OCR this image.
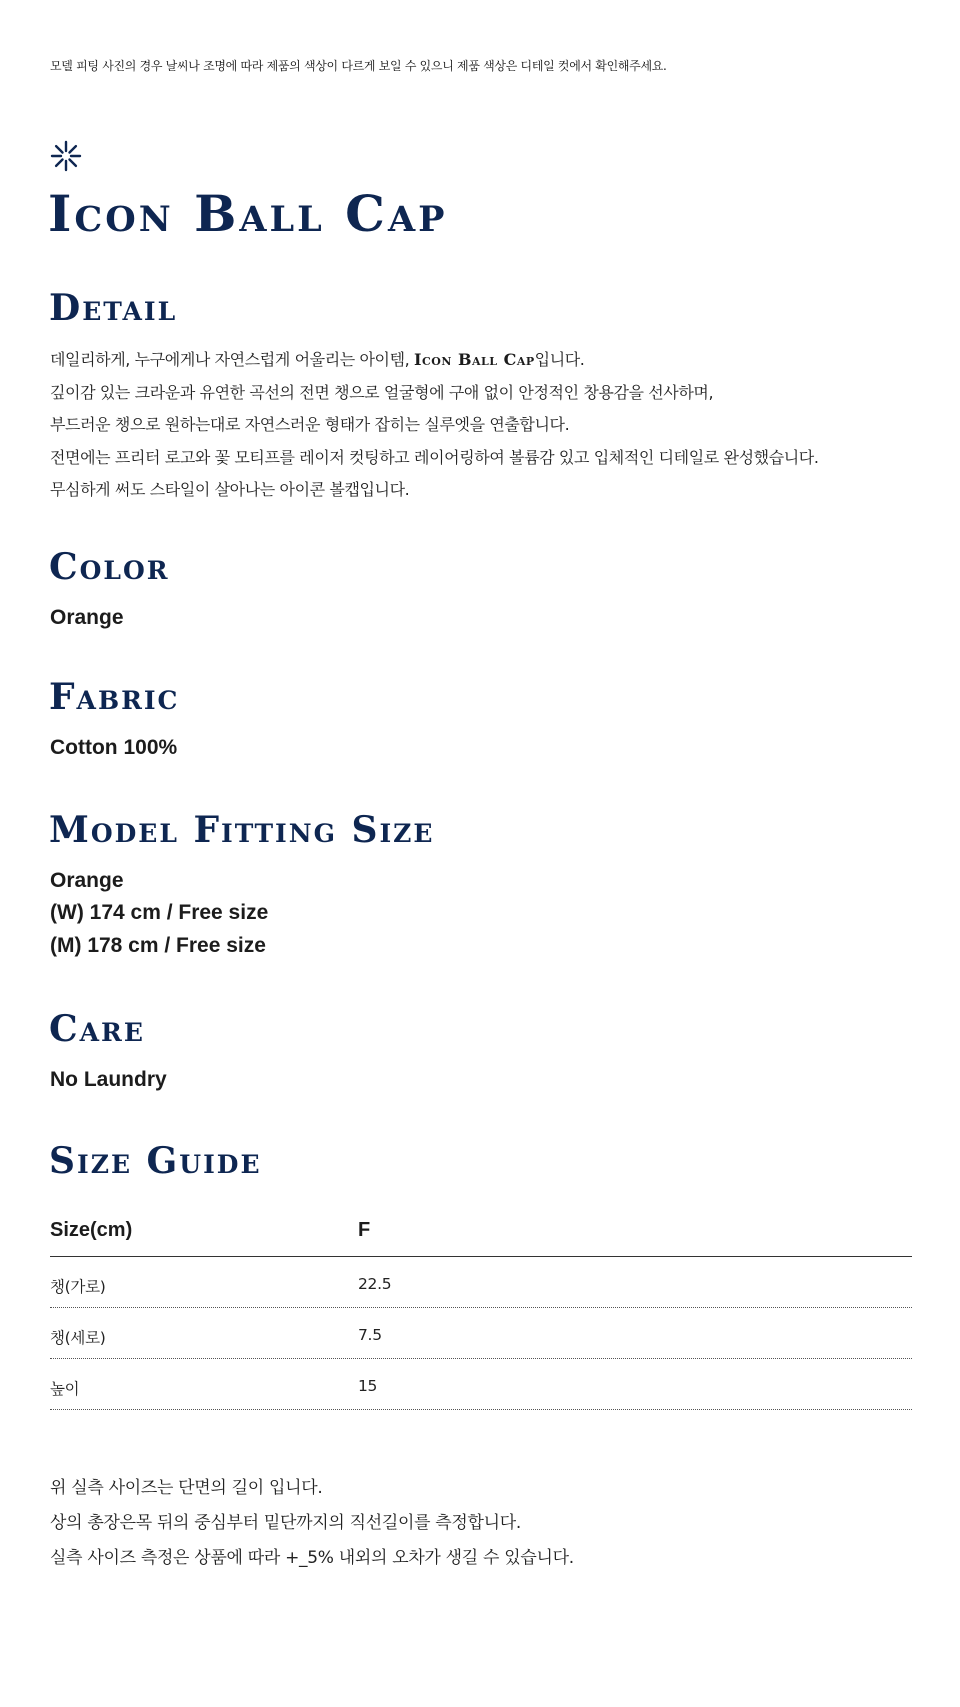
모델 피팅 사진의 경우 날씨나 조명에 따라 제품의 색상이 다르게 보일 수 있으니 제품 색상은 디테일 컷에서 확인해주세요.
Icon Ball Cap
Detail
데일리하게, 누구에게나 자연스럽게 어울리는 아이템, Icon Ball Cap입니다.
깊이감 있는 크라운과 유연한 곡선의 전면 챙으로 얼굴형에 구애 없이 안정적인 창용감을 선사하며,
부드러운 챙으로 원하는대로 자연스러운 형태가 잡히는 실루엣을 연출합니다.
전면에는 프리터 로고와 꽃 모티프를 레이저 컷팅하고 레이어링하여 볼륨감 있고 입체적인 디테일로 완성했습니다.
무심하게 써도 스타일이 살아나는 아이콘 볼캡입니다.
Color
Orange
Fabric
Cotton 100%
Model Fitting Size
Orange
(W) 174 cm / Free size
(M) 178 cm / Free size
Care
No Laundry
Size Guide
Size(cm)	F
챙(가로)	22.5
챙(세로)	7.5
높이	15
위 실측 사이즈는 단면의 길이 입니다.
상의 총장은목 뒤의 중심부터 밑단까지의 직선길이를 측정합니다.
실측 사이즈 측정은 상품에 따라 +_5% 내외의 오차가 생길 수 있습니다.
